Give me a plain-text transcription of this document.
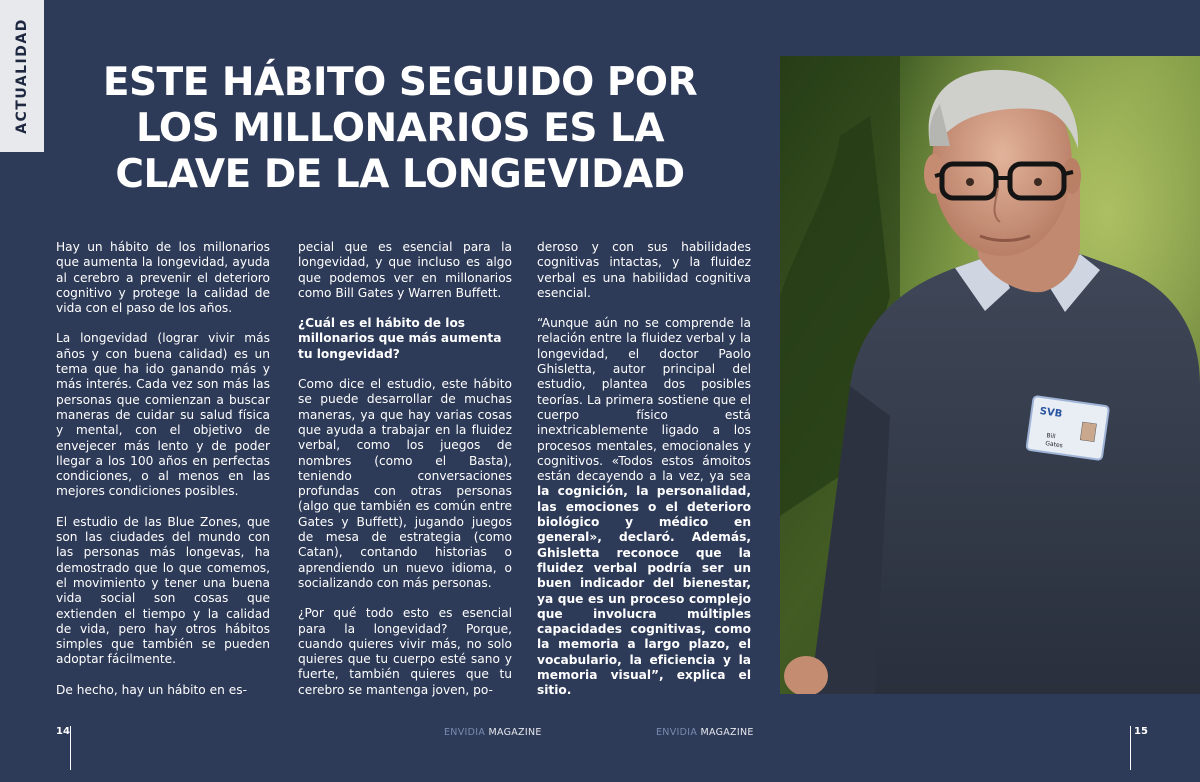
ACTUALIDAD	ESTE HÁBITO SEGUIDO POR
LOS MILLONARIOS ES LA
CLAVE DE LA LONGEVIDAD

Hay un hábito de los millonarios que aumenta la longevidad, ayuda al cerebro a prevenir el deterioro cognitivo y protege la calidad de vida con el paso de los años.

La longevidad (lograr vivir más años y con buena calidad) es un tema que ha ido ganando más y más interés. Cada vez son más las personas que comienzan a buscar maneras de cuidar su salud física y mental, con el objetivo de envejecer más lento y de poder llegar a los 100 años en perfectas condiciones, o al menos en las mejores condiciones posibles.

El estudio de las Blue Zones, que son las ciudades del mundo con las personas más longevas, ha demostrado que lo que comemos, el movimiento y tener una buena vida social son cosas que extienden el tiempo y la calidad de vida, pero hay otros hábitos simples que también se pueden adoptar fácilmente.

De hecho, hay un hábito en es-

pecial que es esencial para la longevidad, y que incluso es algo que podemos ver en millonarios como Bill Gates y Warren Buffett.

¿Cuál es el hábito de los millonarios que más aumenta tu longevidad?

Como dice el estudio, este hábito se puede desarrollar de muchas maneras, ya que hay varias cosas que ayuda a trabajar en la fluidez verbal, como los juegos de nombres (como el Basta), teniendo conversaciones profundas con otras personas (algo que también es común entre Gates y Buffett), jugando juegos de mesa de estrategia (como Catan), contando historias o aprendiendo un nuevo idioma, o socializando con más personas.

¿Por qué todo esto es esencial para la longevidad? Porque, cuando quieres vivir más, no solo quieres que tu cuerpo esté sano y fuerte, también quieres que tu cerebro se mantenga joven, po-

deroso y con sus habilidades cognitivas intactas, y la fluidez verbal es una habilidad cognitiva esencial.

“Aunque aún no se comprende la relación entre la fluidez verbal y la longevidad, el doctor Paolo Ghisletta, autor principal del estudio, plantea dos posibles teorías. La primera sostiene que el cuerpo físico está inextricablemente ligado a los procesos mentales, emocionales y cognitivos. «Todos estos ámoitos están decayendo a la vez, ya sea la cognición, la personalidad, las emociones o el deterioro biológico y médico en general», declaró. Además, Ghisletta reconoce que la fluidez verbal podría ser un buen indicador del bienestar, ya que es un proceso complejo que involucra múltiples capacidades cognitivas, como la memoria a largo plazo, el vocabulario, la eficiencia y la memoria visual”, explica el sitio.

SVB
Bill
Gates
14	15
ENVIDIA MAGAZINE	ENVIDIA MAGAZINE
